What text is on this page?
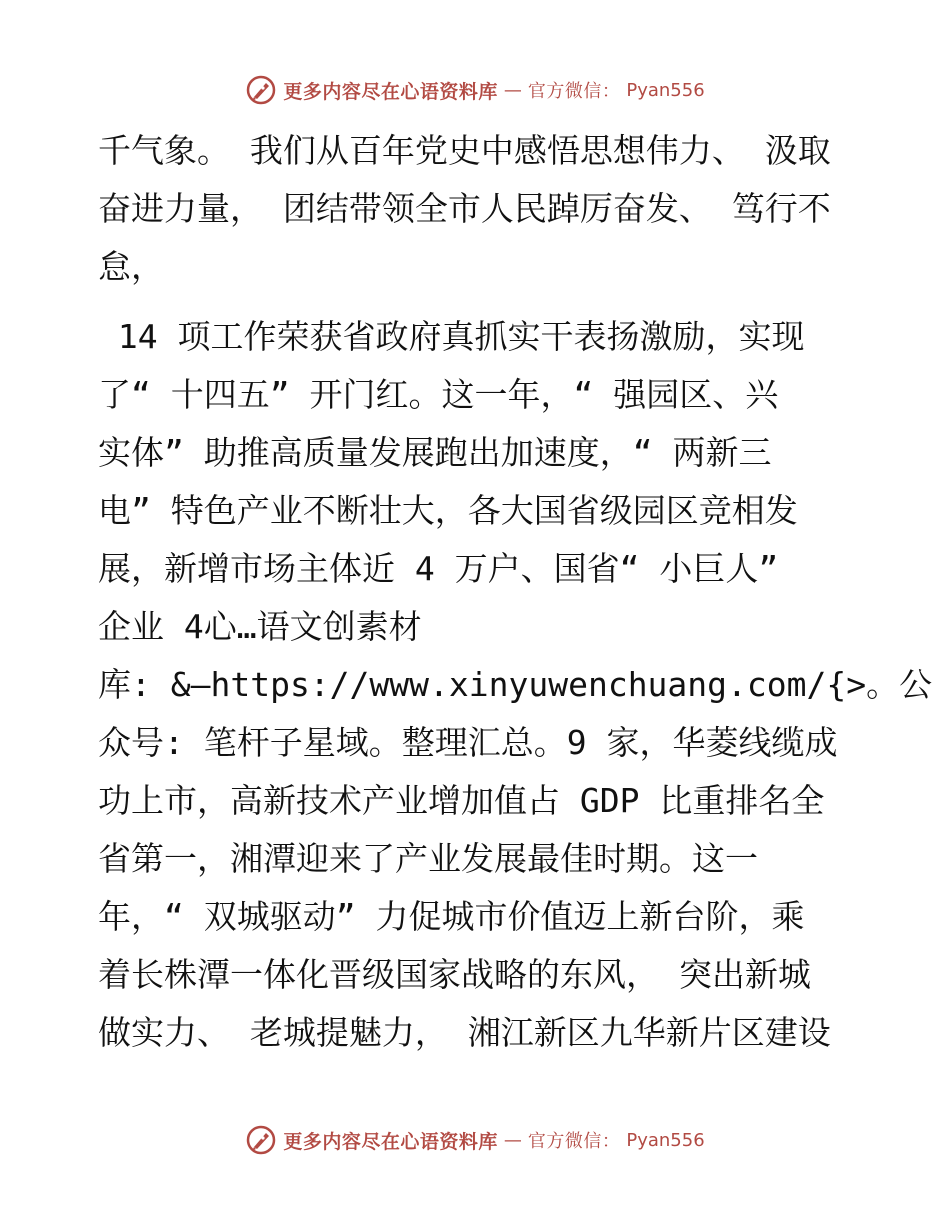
更多内容尽在心语资料库 — 官方微信： Pyan556
千气象。 我们从百年党史中感悟思想伟力、 汲取
奋进力量， 团结带领全市人民踔厉奋发、 笃行不
怠，
14 项工作荣获省政府真抓实干表扬激励，实现
了“ 十四五” 开门红。这一年，“ 强园区、兴
实体” 助推高质量发展跑出加速度，“ 两新三
电” 特色产业不断壮大，各大国省级园区竞相发
展，新增市场主体近 4 万户、国省“ 小巨人”
企业 4心…语文创素材
库: &—https://www.xinyuwenchuang.com/{>。公
众号: 笔杆子星域。整理汇总。9 家，华菱线缆成
功上市，高新技术产业增加值占 GDP 比重排名全
省第一，湘潭迎来了产业发展最佳时期。这一
年，“ 双城驱动” 力促城市价值迈上新台阶，乘
着长株潭一体化晋级国家战略的东风， 突出新城
做实力、 老城提魅力， 湘江新区九华新片区建设
更多内容尽在心语资料库 — 官方微信： Pyan556
